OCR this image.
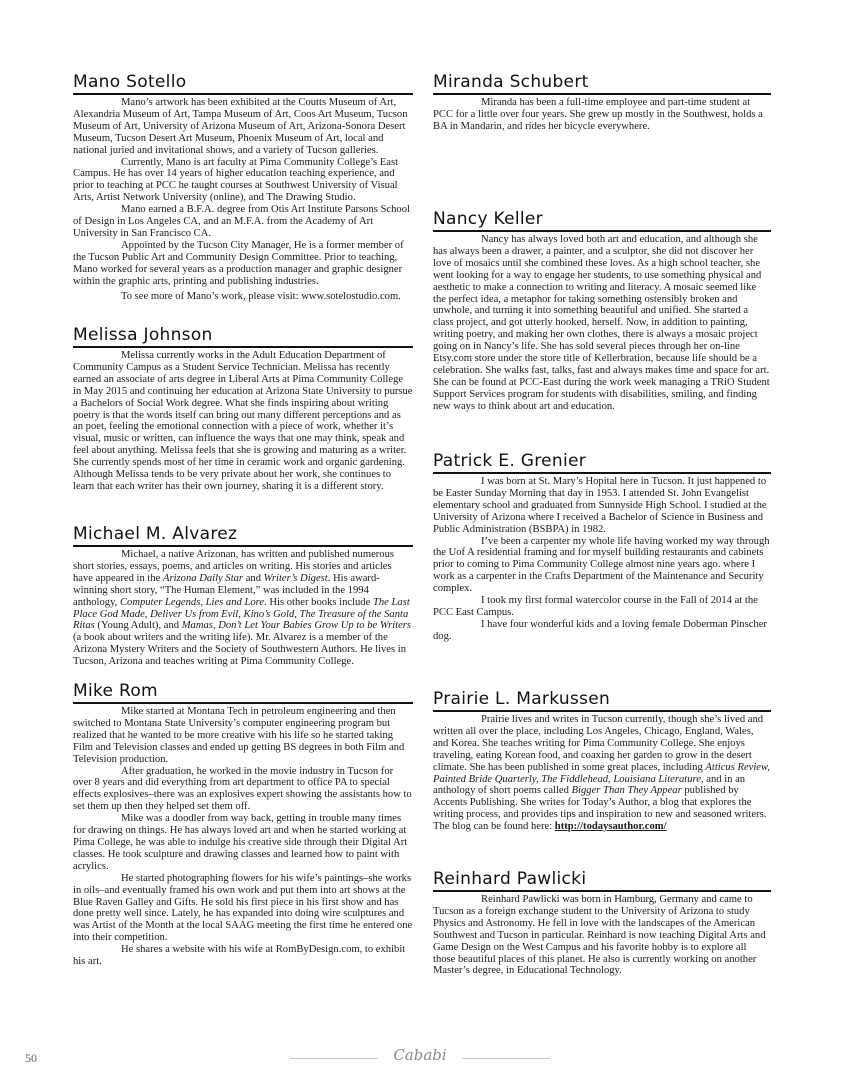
Mano Sotello

Mano’s artwork has been exhibited at the Coutts Museum of Art, Alexandria Museum of Art, Tampa Museum of Art, Coos Art Museum, Tucson Museum of Art, University of Arizona Museum of Art, Arizona-Sonora Desert Museum, Tucson Desert Art Museum, Phoenix Museum of Art, local and national juried and invitational shows, and a variety of Tucson galleries.

Currently, Mano is art faculty at Pima Community College’s East Campus. He has over 14 years of higher education teaching experience, and prior to teaching at PCC he taught courses at Southwest University of Visual Arts, Artist Network University (online), and The Drawing Studio.

Mano earned a B.F.A. degree from Otis Art Institute Parsons School of Design in Los Angeles CA, and an M.F.A. from the Academy of Art University in San Francisco CA.

Appointed by the Tucson City Manager, He is a former member of the Tucson Public Art and Community Design Committee. Prior to teaching, Mano worked for several years as a production manager and graphic designer within the graphic arts, printing and publishing industries.

To see more of Mano’s work, please visit: www.sotelostudio.com.

Melissa Johnson

Melissa currently works in the Adult Education Department of Community Campus as a Student Service Technician. Melissa has recently earned an associate of arts degree in Liberal Arts at Pima Community College in May 2015 and continuing her education at Arizona State University to pursue a Bachelors of Social Work degree. What she finds inspiring about writing poetry is that the words itself can bring out many different perceptions and as an poet, feeling the emotional connection with a piece of work, whether it’s visual, music or written, can influence the ways that one may think, speak and feel about anything. Melissa feels that she is growing and maturing as a writer. She currently spends most of her time in ceramic work and organic gardening. Although Melissa tends to be very private about her work, she continues to learn that each writer has their own journey, sharing it is a different story.

Michael M. Alvarez

Michael, a native Arizonan, has written and published numerous short stories, essays, poems, and articles on writing. His stories and articles have appeared in the Arizona Daily Star and Writer’s Digest. His award-winning short story, “The Human Element,” was included in the 1994 anthology, Computer Legends, Lies and Lore. His other books include The Last Place God Made, Deliver Us from Evil, Kino’s Gold, The Treasure of the Santa Ritas (Young Adult), and Mamas, Don’t Let Your Babies Grow Up to be Writers (a book about writers and the writing life). Mr. Alvarez is a member of the Arizona Mystery Writers and the Society of Southwestern Authors. He lives in Tucson, Arizona and teaches writing at Pima Community College.

Mike Rom

Mike started at Montana Tech in petroleum engineering and then switched to Montana State University’s computer engineering program but realized that he wanted to be more creative with his life so he started taking Film and Television classes and ended up getting BS degrees in both Film and Television production.

After graduation, he worked in the movie industry in Tucson for over 8 years and did everything from art department to office PA to special effects explosives–there was an explosives expert showing the assistants how to set them up then they helped set them off.

Mike was a doodler from way back, getting in trouble many times for drawing on things. He has always loved art and when he started working at Pima College, he was able to indulge his creative side through their Digital Art classes. He took sculpture and drawing classes and learned how to paint with acrylics.

He started photographing flowers for his wife’s paintings–she works in oils–and eventually framed his own work and put them into art shows at the Blue Raven Galley and Gifts. He sold his first piece in his first show and has done pretty well since. Lately, he has expanded into doing wire sculptures and was Artist of the Month at the local SAAG meeting the first time he entered one into their competition.

He shares a website with his wife at RomByDesign.com, to exhibit his art.

Miranda Schubert

Miranda has been a full-time employee and part-time student at PCC for a little over four years. She grew up mostly in the Southwest, holds a BA in Mandarin, and rides her bicycle everywhere.

Nancy Keller

Nancy has always loved both art and education, and although she has always been a drawer, a painter, and a sculptor, she did not discover her love of mosaics until she combined these loves. As a high school teacher, she went looking for a way to engage her students, to use something physical and aesthetic to make a connection to writing and literacy. A mosaic seemed like the perfect idea, a metaphor for taking something ostensibly broken and unwhole, and turning it into something beautiful and unified. She started a class project, and got utterly hooked, herself. Now, in addition to painting, writing poetry, and making her own clothes, there is always a mosaic project going on in Nancy’s life. She has sold several pieces through her on-line Etsy.com store under the store title of Kellerbration, because life should be a celebration. She walks fast, talks, fast and always makes time and space for art. She can be found at PCC-East during the work week managing a TRiO Student Support Services program for students with disabilities, smiling, and finding new ways to think about art and education.

Patrick E. Grenier

I was born at St. Mary’s Hopital here in Tucson. It just happened to be Easter Sunday Morning that day in 1953. I attended St. John Evangelist elementary school and graduated from Sunnyside High School. I studied at the University of Arizona where I received a Bachelor of Science in Business and Public Administration (BSBPA) in 1982.

I’ve been a carpenter my whole life having worked my way through the Uof A residential framing and for myself building restaurants and cabinets prior to coming to Pima Community College almost nine years ago. where I work as a carpenter in the Crafts Department of the Maintenance and Security complex.

I took my first formal watercolor course in the Fall of 2014 at the PCC East Campus.

I have four wonderful kids and a loving female Doberman Pinscher dog.

Prairie L. Markussen

Prairie lives and writes in Tucson currently, though she’s lived and written all over the place, including Los Angeles, Chicago, England, Wales, and Korea. She teaches writing for Pima Community College. She enjoys traveling, eating Korean food, and coaxing her garden to grow in the desert climate. She has been published in some great places, including Atticus Review, Painted Bride Quarterly, The Fiddlehead, Louisiana Literature, and in an anthology of short poems called Bigger Than They Appear published by Accents Publishing. She writes for Today’s Author, a blog that explores the writing process, and provides tips and inspiration to new and seasoned writers. The blog can be found here: http://todaysauthor.com/

Reinhard Pawlicki

Reinhard Pawlicki was born in Hamburg, Germany and came to Tucson as a foreign exchange student to the University of Arizona to study Physics and Astronomy. He fell in love with the landscapes of the American Southwest and Tucson in particular. Reinhard is now teaching Digital Arts and Game Design on the West Campus and his favorite hobby is to explore all those beautiful places of this planet. He also is currently working on another Master’s degree, in Educational Technology.

50	Cababi
